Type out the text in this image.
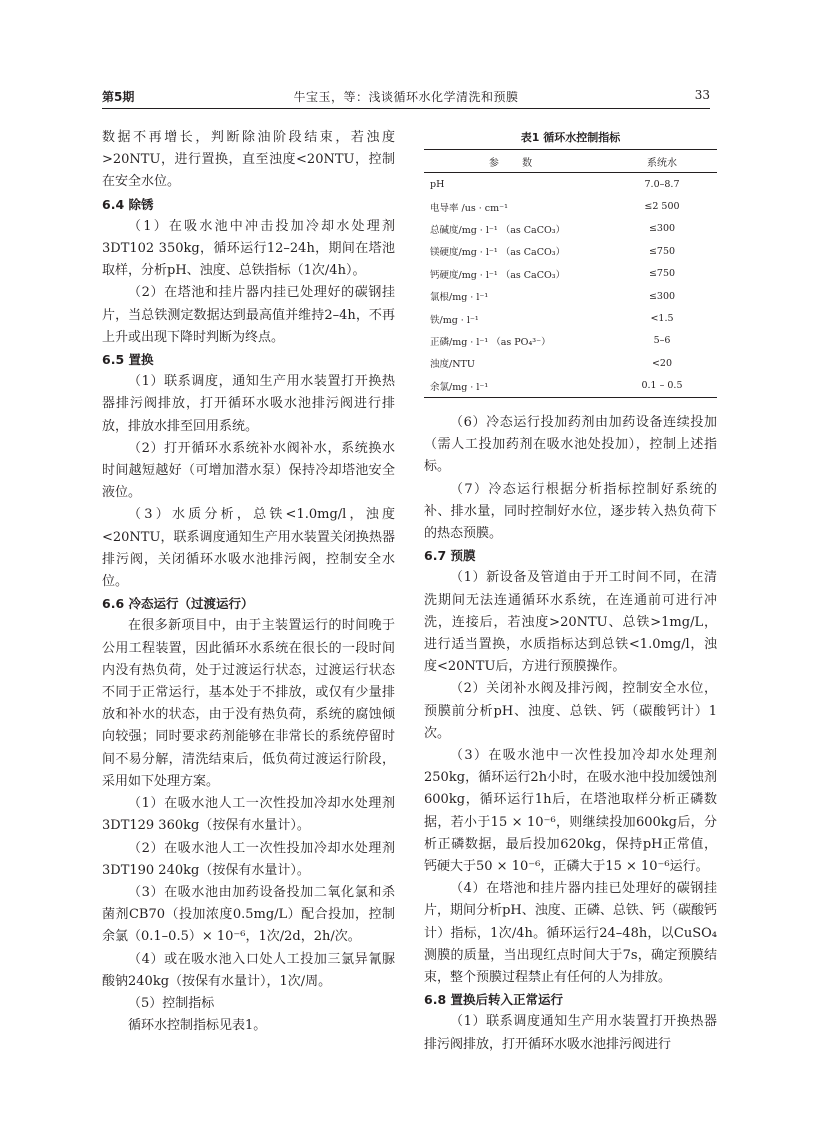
第5期	牛宝玉，等：浅谈循环水化学清洗和预膜	33

数据不再增长，判断除油阶段结束，若浊度>20NTU，进行置换，直至浊度<20NTU，控制在安全水位。

6.4 除锈

（1）在吸水池中冲击投加冷却水处理剂3DT102 350kg，循环运行12–24h，期间在塔池取样，分析pH、浊度、总铁指标（1次/4h）。

（2）在塔池和挂片器内挂已处理好的碳钢挂片，当总铁测定数据达到最高值并维持2–4h，不再上升或出现下降时判断为终点。

6.5 置换

（1）联系调度，通知生产用水装置打开换热器排污阀排放，打开循环水吸水池排污阀进行排放，排放水排至回用系统。

（2）打开循环水系统补水阀补水，系统换水时间越短越好（可增加潜水泵）保持冷却塔池安全液位。

（3）水质分析，总铁<1.0mg/l，浊度<20NTU，联系调度通知生产用水装置关闭换热器排污阀，关闭循环水吸水池排污阀，控制安全水位。

6.6 冷态运行（过渡运行）

在很多新项目中，由于主装置运行的时间晚于公用工程装置，因此循环水系统在很长的一段时间内没有热负荷，处于过渡运行状态，过渡运行状态不同于正常运行，基本处于不排放，或仅有少量排放和补水的状态，由于没有热负荷，系统的腐蚀倾向较强；同时要求药剂能够在非常长的系统停留时间不易分解，清洗结束后，低负荷过渡运行阶段，采用如下处理方案。

（1）在吸水池人工一次性投加冷却水处理剂3DT129 360kg（按保有水量计）。

（2）在吸水池人工一次性投加冷却水处理剂3DT190 240kg（按保有水量计）。

（3）在吸水池由加药设备投加二氧化氯和杀菌剂CB70（投加浓度0.5mg/L）配合投加，控制余氯（0.1–0.5）× 10⁻⁶，1次/2d，2h/次。

（4）或在吸水池入口处人工投加三氯异氰脲酸钠240kg（按保有水量计），1次/周。

（5）控制指标

循环水控制指标见表1。

表1 循环水控制指标
参 数	系统水
pH	7.0–8.7
电导率 /us · cm⁻¹	≤2 500
总碱度/mg · l⁻¹ （as CaCO₃）	≤300
镁硬度/mg · l⁻¹ （as CaCO₃）	≤750
钙硬度/mg · l⁻¹ （as CaCO₃）	≤750
氯根/mg · l⁻¹	≤300
铁/mg · l⁻¹	<1.5
正磷/mg · l⁻¹ （as PO₄³⁻）	5–6
浊度/NTU	<20
余氯/mg · l⁻¹	0.1 – 0.5

（6）冷态运行投加药剂由加药设备连续投加（需人工投加药剂在吸水池处投加），控制上述指标。

（7）冷态运行根据分析指标控制好系统的补、排水量，同时控制好水位，逐步转入热负荷下的热态预膜。

6.7 预膜

（1）新设备及管道由于开工时间不同，在清洗期间无法连通循环水系统，在连通前可进行冲洗，连接后，若浊度>20NTU、总铁>1mg/L，进行适当置换，水质指标达到总铁<1.0mg/l，浊度<20NTU后，方进行预膜操作。

（2）关闭补水阀及排污阀，控制安全水位，预膜前分析pH、浊度、总铁、钙（碳酸钙计）1次。

（3）在吸水池中一次性投加冷却水处理剂250kg，循环运行2h小时，在吸水池中投加缓蚀剂600kg，循环运行1h后，在塔池取样分析正磷数据，若小于15 × 10⁻⁶，则继续投加600kg后，分析正磷数据，最后投加620kg，保持pH正常值，钙硬大于50 × 10⁻⁶，正磷大于15 × 10⁻⁶运行。

（4）在塔池和挂片器内挂已处理好的碳钢挂片，期间分析pH、浊度、正磷、总铁、钙（碳酸钙计）指标，1次/4h。循环运行24–48h，以CuSO₄测膜的质量，当出现红点时间大于7s，确定预膜结束，整个预膜过程禁止有任何的人为排放。

6.8 置换后转入正常运行

（1）联系调度通知生产用水装置打开换热器排污阀排放，打开循环水吸水池排污阀进行
